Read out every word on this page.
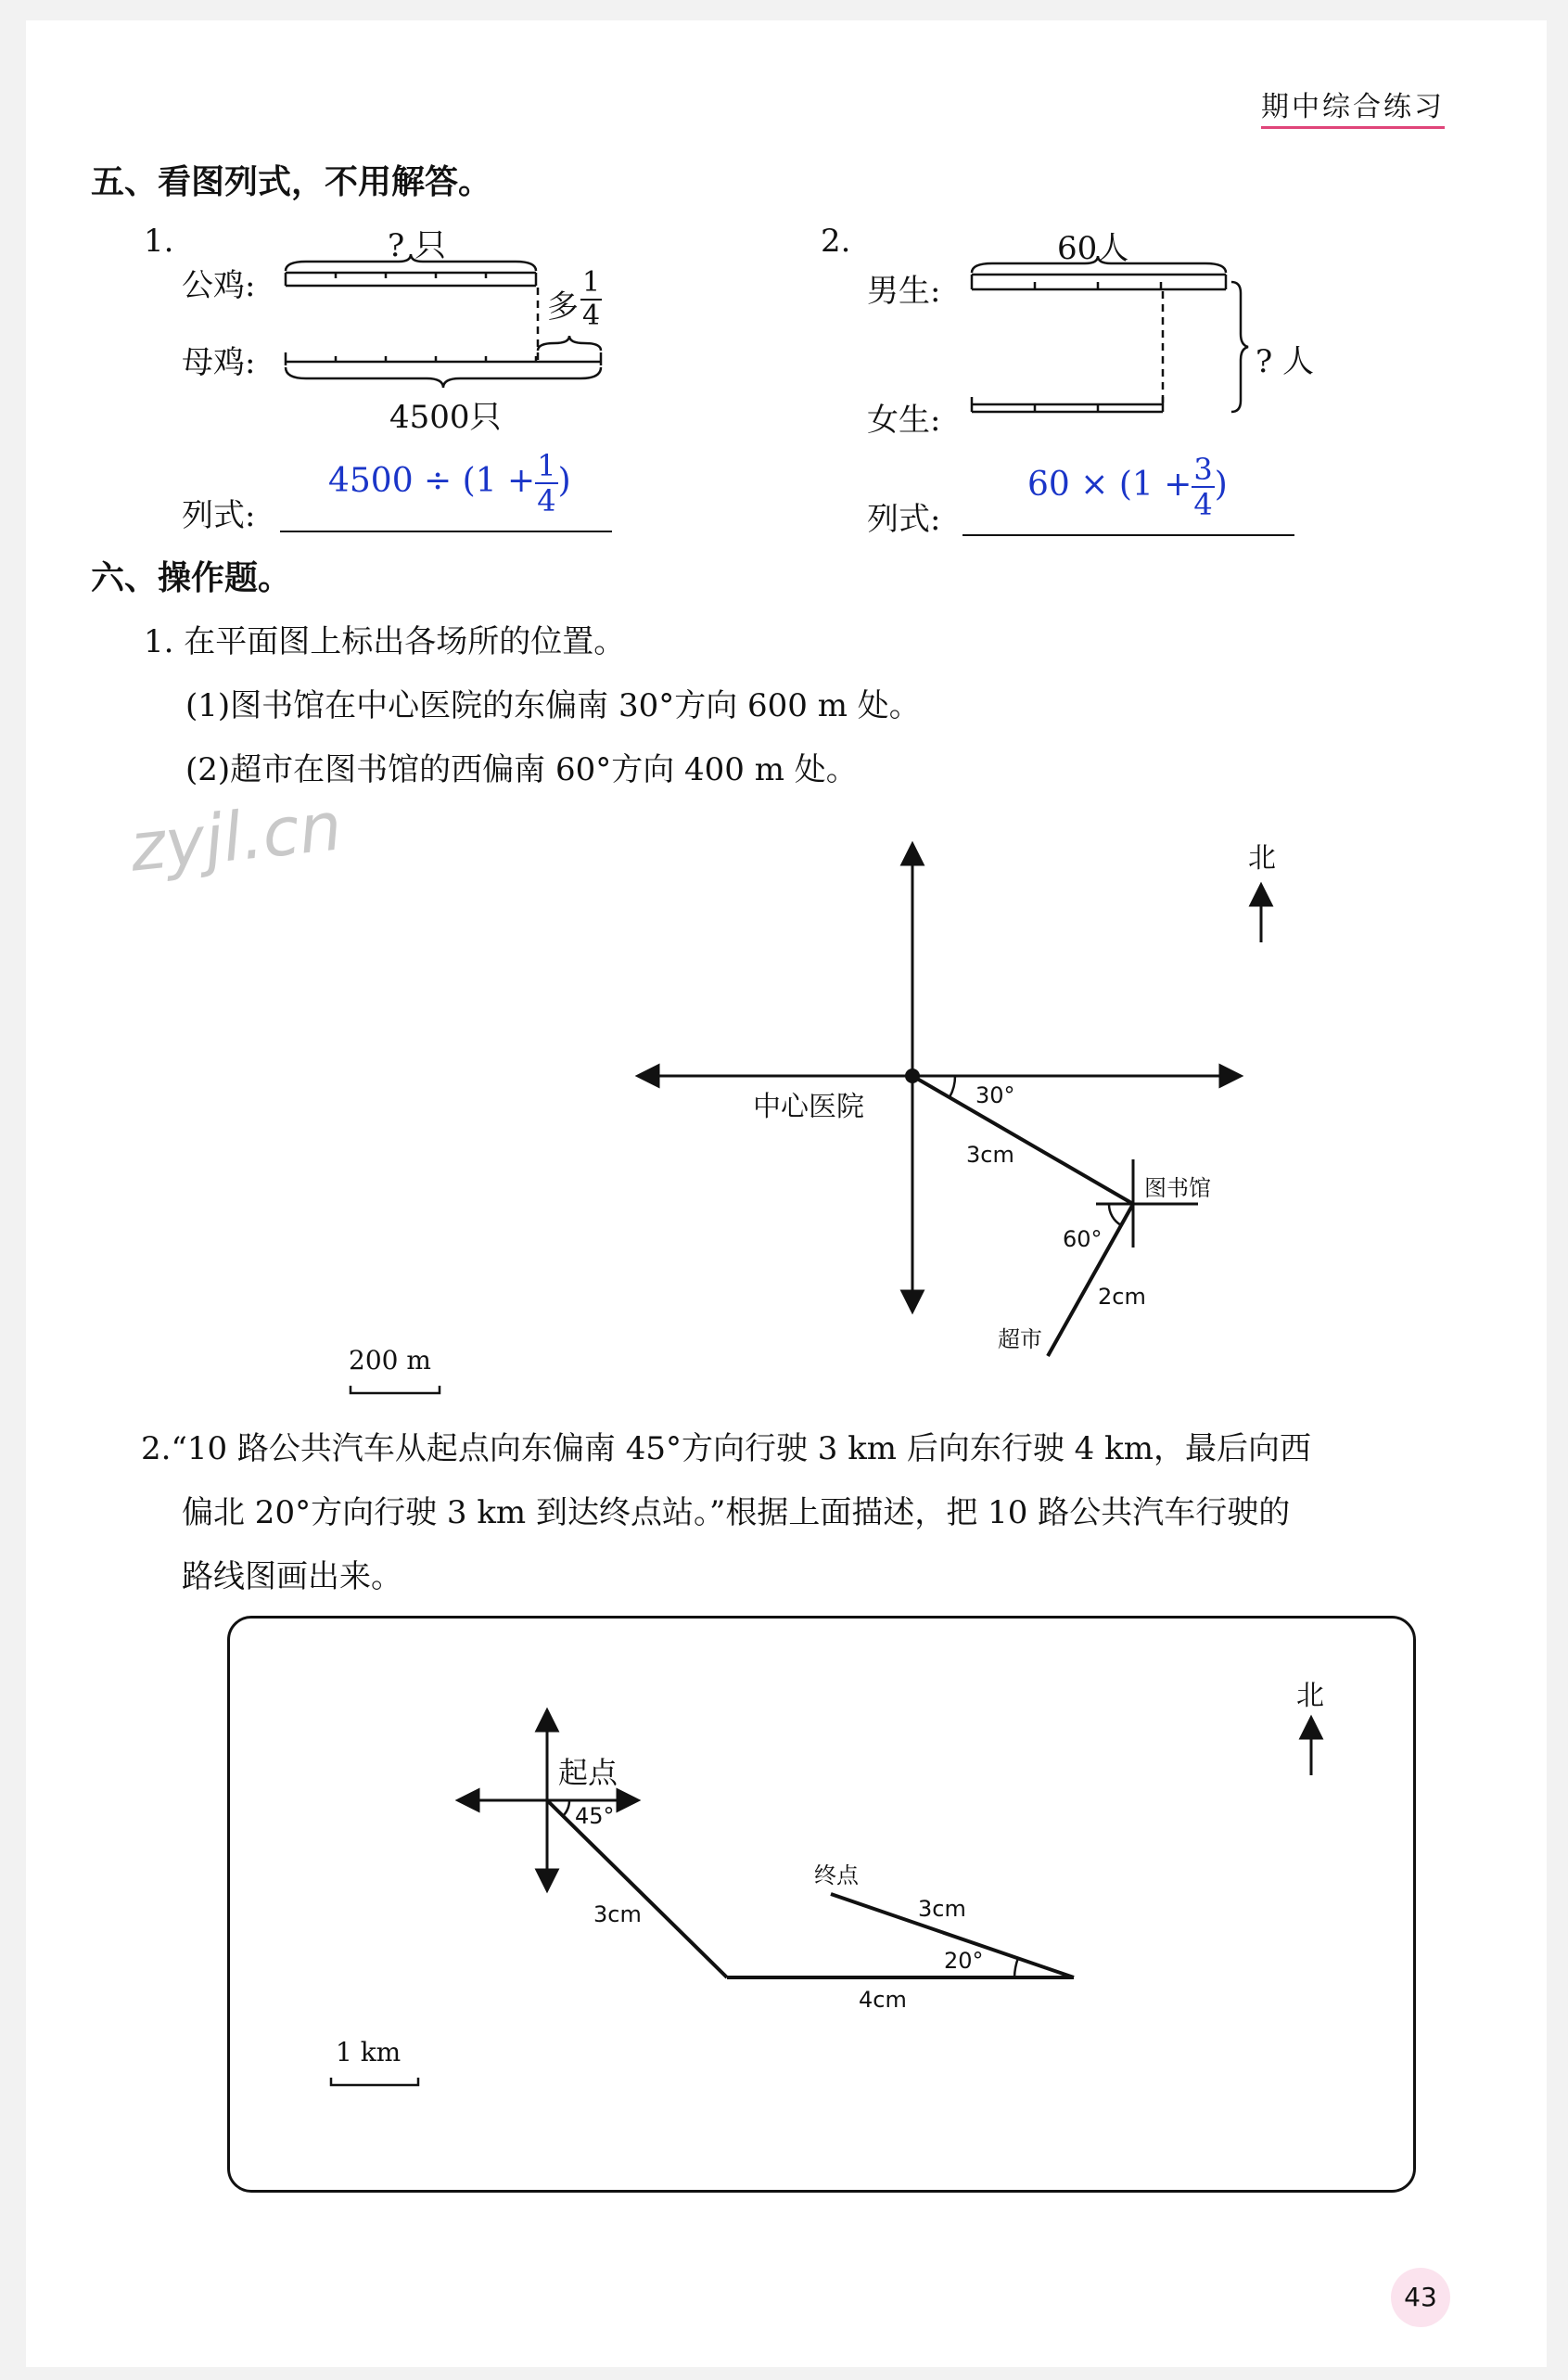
期中综合练习
五、看图列式，不用解答。
1.	? 只
公鸡:
母鸡:
多 $\frac{1}{4}$
4500只
列式:
$4500 \div (1 + \frac{1}{4}$ )
2.	60人
男生:
女生:
? 人
列式:
$60 \times (1 + \frac{3}{4}$ )
六、操作题。
1. 在平面图上标出各场所的位置。
(1)图书馆在中心医院的东偏南 30°方向 600 m 处。
(2)超市在图书馆的西偏南 60°方向 400 m 处。
zyjl.cn	北
中心医院	30°
3cm
图书馆
60°
2cm
超市
200 m
2.“10 路公共汽车从起点向东偏南 45°方向行驶 3 km 后向东行驶 4 km，最后向西
偏北 20°方向行驶 3 km 到达终点站。”根据上面描述，把 10 路公共汽车行驶的
路线图画出来。
北
起点
45°
3cm
终点
3cm
20°
4cm
1 km
43
